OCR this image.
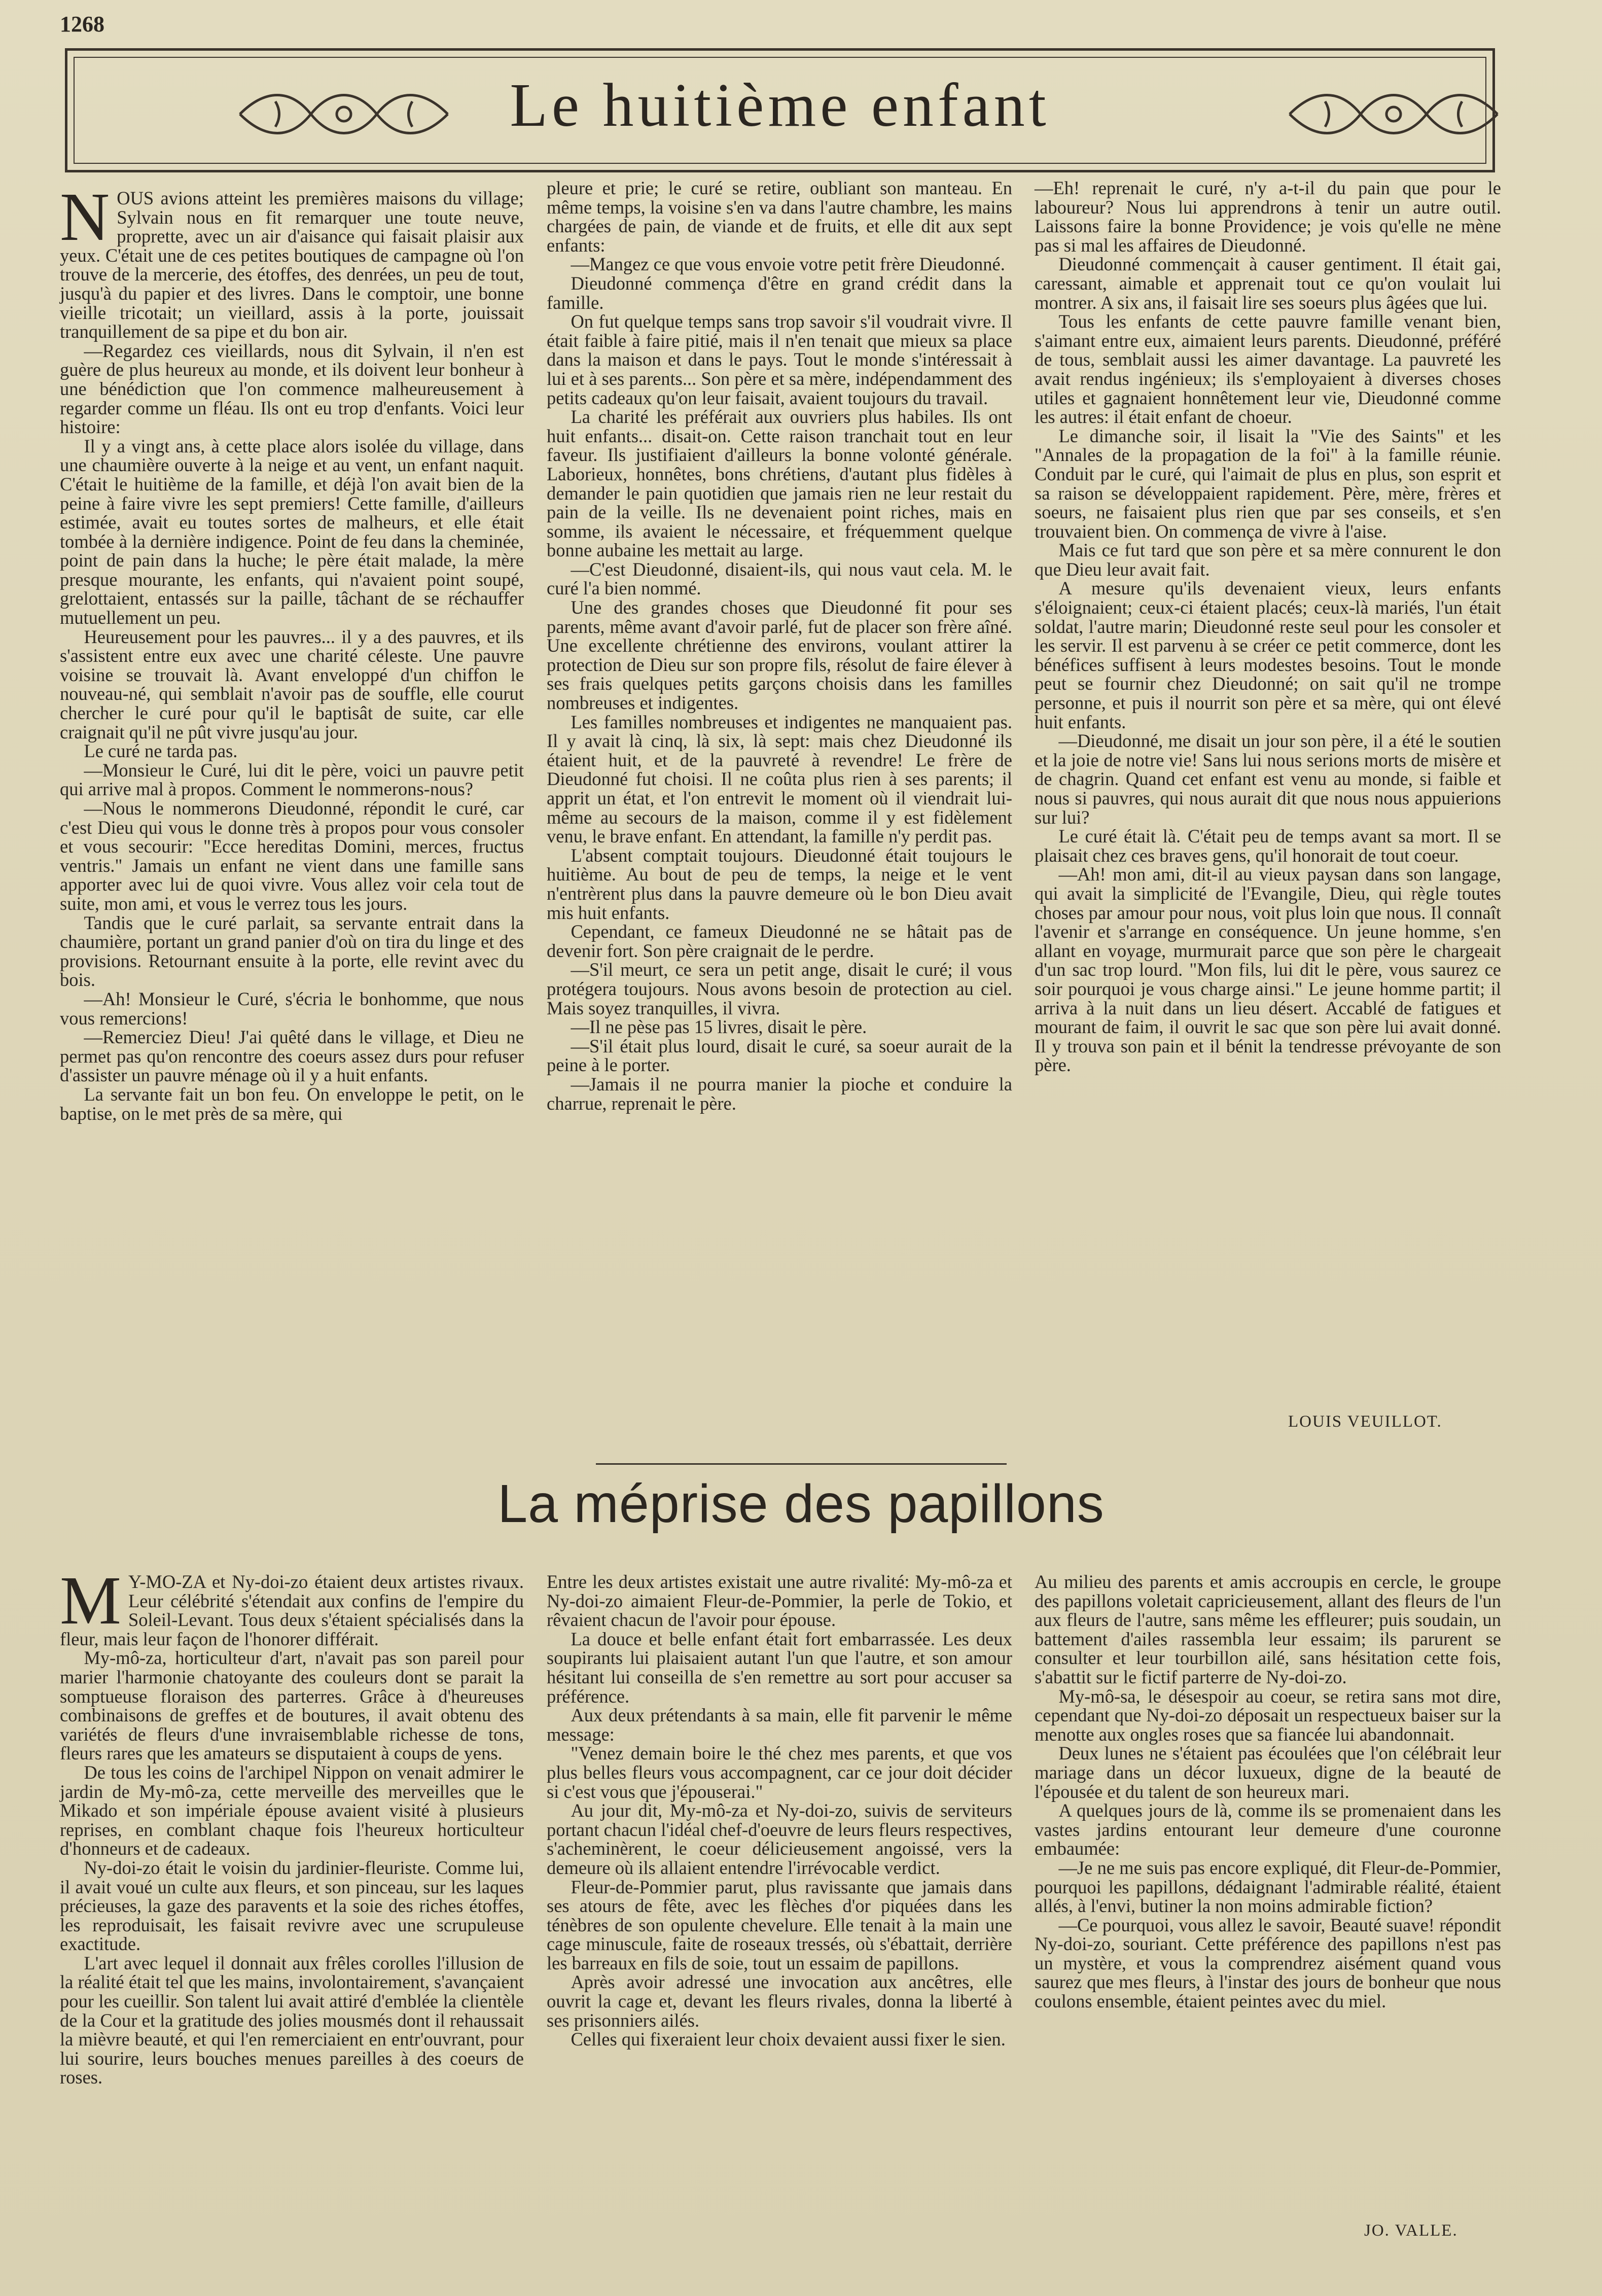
1268
Le huitième enfant
N OUS avions atteint les premières maisons du village; Sylvain nous en fit remarquer une toute neuve, proprette, avec un air d'aisance qui faisait plaisir aux yeux. C'était une de ces petites boutiques de campagne où l'on trouve de la mercerie, des étoffes, des denrées, un peu de tout, jusqu'à du papier et des livres. Dans le comptoir, une bonne vieille tricotait; un vieillard, assis à la porte, jouissait tranquillement de sa pipe et du bon air.

—Regardez ces vieillards, nous dit Sylvain, il n'en est guère de plus heureux au monde, et ils doivent leur bonheur à une bénédiction que l'on commence malheureusement à regarder comme un fléau. Ils ont eu trop d'enfants. Voici leur histoire:

Il y a vingt ans, à cette place alors isolée du village, dans une chaumière ouverte à la neige et au vent, un enfant naquit. C'était le huitième de la famille, et déjà l'on avait bien de la peine à faire vivre les sept premiers! Cette famille, d'ailleurs estimée, avait eu toutes sortes de malheurs, et elle était tombée à la dernière indigence. Point de feu dans la cheminée, point de pain dans la huche; le père était malade, la mère presque mourante, les enfants, qui n'avaient point soupé, grelottaient, entassés sur la paille, tâchant de se réchauffer mutuellement un peu.

Heureusement pour les pauvres... il y a des pauvres, et ils s'assistent entre eux avec une charité céleste. Une pauvre voisine se trouvait là. Avant enveloppé d'un chiffon le nouveau-né, qui semblait n'avoir pas de souffle, elle courut chercher le curé pour qu'il le baptisât de suite, car elle craignait qu'il ne pût vivre jusqu'au jour.

Le curé ne tarda pas.

—Monsieur le Curé, lui dit le père, voici un pauvre petit qui arrive mal à propos. Comment le nommerons-nous?

—Nous le nommerons Dieudonné, répondit le curé, car c'est Dieu qui vous le donne très à propos pour vous consoler et vous secourir: "Ecce hereditas Domini, merces, fructus ventris." Jamais un enfant ne vient dans une famille sans apporter avec lui de quoi vivre. Vous allez voir cela tout de suite, mon ami, et vous le verrez tous les jours.

Tandis que le curé parlait, sa servante entrait dans la chaumière, portant un grand panier d'où on tira du linge et des provisions. Retournant ensuite à la porte, elle revint avec du bois.

—Ah! Monsieur le Curé, s'écria le bonhomme, que nous vous remercions!

—Remerciez Dieu! J'ai quêté dans le village, et Dieu ne permet pas qu'on rencontre des coeurs assez durs pour refuser d'assister un pauvre ménage où il y a huit enfants.

La servante fait un bon feu. On enveloppe le petit, on le baptise, on le met près de sa mère, qui

pleure et prie; le curé se retire, oubliant son manteau. En même temps, la voisine s'en va dans l'autre chambre, les mains chargées de pain, de viande et de fruits, et elle dit aux sept enfants:

—Mangez ce que vous envoie votre petit frère Dieudonné.

Dieudonné commença d'être en grand crédit dans la famille.

On fut quelque temps sans trop savoir s'il voudrait vivre. Il était faible à faire pitié, mais il n'en tenait que mieux sa place dans la maison et dans le pays. Tout le monde s'intéressait à lui et à ses parents... Son père et sa mère, indépendamment des petits cadeaux qu'on leur faisait, avaient toujours du travail.

La charité les préférait aux ouvriers plus habiles. Ils ont huit enfants... disait-on. Cette raison tranchait tout en leur faveur. Ils justifiaient d'ailleurs la bonne volonté générale. Laborieux, honnêtes, bons chrétiens, d'autant plus fidèles à demander le pain quotidien que jamais rien ne leur restait du pain de la veille. Ils ne devenaient point riches, mais en somme, ils avaient le nécessaire, et fréquemment quelque bonne aubaine les mettait au large.

—C'est Dieudonné, disaient-ils, qui nous vaut cela. M. le curé l'a bien nommé.

Une des grandes choses que Dieudonné fit pour ses parents, même avant d'avoir parlé, fut de placer son frère aîné. Une excellente chrétienne des environs, voulant attirer la protection de Dieu sur son propre fils, résolut de faire élever à ses frais quelques petits garçons choisis dans les familles nombreuses et indigentes.

Les familles nombreuses et indigentes ne manquaient pas. Il y avait là cinq, là six, là sept: mais chez Dieudonné ils étaient huit, et de la pauvreté à revendre! Le frère de Dieudonné fut choisi. Il ne coûta plus rien à ses parents; il apprit un état, et l'on entrevit le moment où il viendrait lui-même au secours de la maison, comme il y est fidèlement venu, le brave enfant. En attendant, la famille n'y perdit pas.

L'absent comptait toujours. Dieudonné était toujours le huitième. Au bout de peu de temps, la neige et le vent n'entrèrent plus dans la pauvre demeure où le bon Dieu avait mis huit enfants.

Cependant, ce fameux Dieudonné ne se hâtait pas de devenir fort. Son père craignait de le perdre.

—S'il meurt, ce sera un petit ange, disait le curé; il vous protégera toujours. Nous avons besoin de protection au ciel. Mais soyez tranquilles, il vivra.

—Il ne pèse pas 15 livres, disait le père.

—S'il était plus lourd, disait le curé, sa soeur aurait de la peine à le porter.

—Jamais il ne pourra manier la pioche et conduire la charrue, reprenait le père.

—Eh! reprenait le curé, n'y a-t-il du pain que pour le laboureur? Nous lui apprendrons à tenir un autre outil. Laissons faire la bonne Providence; je vois qu'elle ne mène pas si mal les affaires de Dieudonné.

Dieudonné commençait à causer gentiment. Il était gai, caressant, aimable et apprenait tout ce qu'on voulait lui montrer. A six ans, il faisait lire ses soeurs plus âgées que lui.

Tous les enfants de cette pauvre famille venant bien, s'aimant entre eux, aimaient leurs parents. Dieudonné, préféré de tous, semblait aussi les aimer davantage. La pauvreté les avait rendus ingénieux; ils s'employaient à diverses choses utiles et gagnaient honnêtement leur vie, Dieudonné comme les autres: il était enfant de choeur.

Le dimanche soir, il lisait la "Vie des Saints" et les "Annales de la propagation de la foi" à la famille réunie. Conduit par le curé, qui l'aimait de plus en plus, son esprit et sa raison se développaient rapidement. Père, mère, frères et soeurs, ne faisaient plus rien que par ses conseils, et s'en trouvaient bien. On commença de vivre à l'aise.

Mais ce fut tard que son père et sa mère connurent le don que Dieu leur avait fait.

A mesure qu'ils devenaient vieux, leurs enfants s'éloignaient; ceux-ci étaient placés; ceux-là mariés, l'un était soldat, l'autre marin; Dieudonné reste seul pour les consoler et les servir. Il est parvenu à se créer ce petit commerce, dont les bénéfices suffisent à leurs modestes besoins. Tout le monde peut se fournir chez Dieudonné; on sait qu'il ne trompe personne, et puis il nourrit son père et sa mère, qui ont élevé huit enfants.

—Dieudonné, me disait un jour son père, il a été le soutien et la joie de notre vie! Sans lui nous serions morts de misère et de chagrin. Quand cet enfant est venu au monde, si faible et nous si pauvres, qui nous aurait dit que nous nous appuierions sur lui?

Le curé était là. C'était peu de temps avant sa mort. Il se plaisait chez ces braves gens, qu'il honorait de tout coeur.

—Ah! mon ami, dit-il au vieux paysan dans son langage, qui avait la simplicité de l'Evangile, Dieu, qui règle toutes choses par amour pour nous, voit plus loin que nous. Il connaît l'avenir et s'arrange en conséquence. Un jeune homme, s'en allant en voyage, murmurait parce que son père le chargeait d'un sac trop lourd. "Mon fils, lui dit le père, vous saurez ce soir pourquoi je vous charge ainsi." Le jeune homme partit; il arriva à la nuit dans un lieu désert. Accablé de fatigues et mourant de faim, il ouvrit le sac que son père lui avait donné. Il y trouva son pain et il bénit la tendresse prévoyante de son père.

LOUIS VEUILLOT.
La méprise des papillons
M Y-MO-ZA et Ny-doi-zo étaient deux artistes rivaux. Leur célébrité s'étendait aux confins de l'empire du Soleil-Levant. Tous deux s'étaient spécialisés dans la fleur, mais leur façon de l'honorer différait.

My-mô-za, horticulteur d'art, n'avait pas son pareil pour marier l'harmonie chatoyante des couleurs dont se parait la somptueuse floraison des parterres. Grâce à d'heureuses combinaisons de greffes et de boutures, il avait obtenu des variétés de fleurs d'une invraisemblable richesse de tons, fleurs rares que les amateurs se disputaient à coups de yens.

De tous les coins de l'archipel Nippon on venait admirer le jardin de My-mô-za, cette merveille des merveilles que le Mikado et son impériale épouse avaient visité à plusieurs reprises, en comblant chaque fois l'heureux horticulteur d'honneurs et de cadeaux.

Ny-doi-zo était le voisin du jardinier-fleuriste. Comme lui, il avait voué un culte aux fleurs, et son pinceau, sur les laques précieuses, la gaze des paravents et la soie des riches étoffes, les reproduisait, les faisait revivre avec une scrupuleuse exactitude.

L'art avec lequel il donnait aux frêles corolles l'illusion de la réalité était tel que les mains, involontairement, s'avançaient pour les cueillir. Son talent lui avait attiré d'emblée la clientèle de la Cour et la gratitude des jolies mousmés dont il rehaussait la mièvre beauté, et qui l'en remerciaient en entr'ouvrant, pour lui sourire, leurs bouches menues pareilles à des coeurs de roses.

Entre les deux artistes existait une autre rivalité: My-mô-za et Ny-doi-zo aimaient Fleur-de-Pommier, la perle de Tokio, et rêvaient chacun de l'avoir pour épouse.

La douce et belle enfant était fort embarrassée. Les deux soupirants lui plaisaient autant l'un que l'autre, et son amour hésitant lui conseilla de s'en remettre au sort pour accuser sa préférence.

Aux deux prétendants à sa main, elle fit parvenir le même message:

"Venez demain boire le thé chez mes parents, et que vos plus belles fleurs vous accompagnent, car ce jour doit décider si c'est vous que j'épouserai."

Au jour dit, My-mô-za et Ny-doi-zo, suivis de serviteurs portant chacun l'idéal chef-d'oeuvre de leurs fleurs respectives, s'acheminèrent, le coeur délicieusement angoissé, vers la demeure où ils allaient entendre l'irrévocable verdict.

Fleur-de-Pommier parut, plus ravissante que jamais dans ses atours de fête, avec les flèches d'or piquées dans les ténèbres de son opulente chevelure. Elle tenait à la main une cage minuscule, faite de roseaux tressés, où s'ébattait, derrière les barreaux en fils de soie, tout un essaim de papillons.

Après avoir adressé une invocation aux ancêtres, elle ouvrit la cage et, devant les fleurs rivales, donna la liberté à ses prisonniers ailés.

Celles qui fixeraient leur choix devaient aussi fixer le sien.

Au milieu des parents et amis accroupis en cercle, le groupe des papillons voletait capricieusement, allant des fleurs de l'un aux fleurs de l'autre, sans même les effleurer; puis soudain, un battement d'ailes rassembla leur essaim; ils parurent se consulter et leur tourbillon ailé, sans hésitation cette fois, s'abattit sur le fictif parterre de Ny-doi-zo.

My-mô-sa, le désespoir au coeur, se retira sans mot dire, cependant que Ny-doi-zo déposait un respectueux baiser sur la menotte aux ongles roses que sa fiancée lui abandonnait.

Deux lunes ne s'étaient pas écoulées que l'on célébrait leur mariage dans un décor luxueux, digne de la beauté de l'épousée et du talent de son heureux mari.

A quelques jours de là, comme ils se promenaient dans les vastes jardins entourant leur demeure d'une couronne embaumée:

—Je ne me suis pas encore expliqué, dit Fleur-de-Pommier, pourquoi les papillons, dédaignant l'admirable réalité, étaient allés, à l'envi, butiner la non moins admirable fiction?

—Ce pourquoi, vous allez le savoir, Beauté suave! répondit Ny-doi-zo, souriant. Cette préférence des papillons n'est pas un mystère, et vous la comprendrez aisément quand vous saurez que mes fleurs, à l'instar des jours de bonheur que nous coulons ensemble, étaient peintes avec du miel.

JO. VALLE.
